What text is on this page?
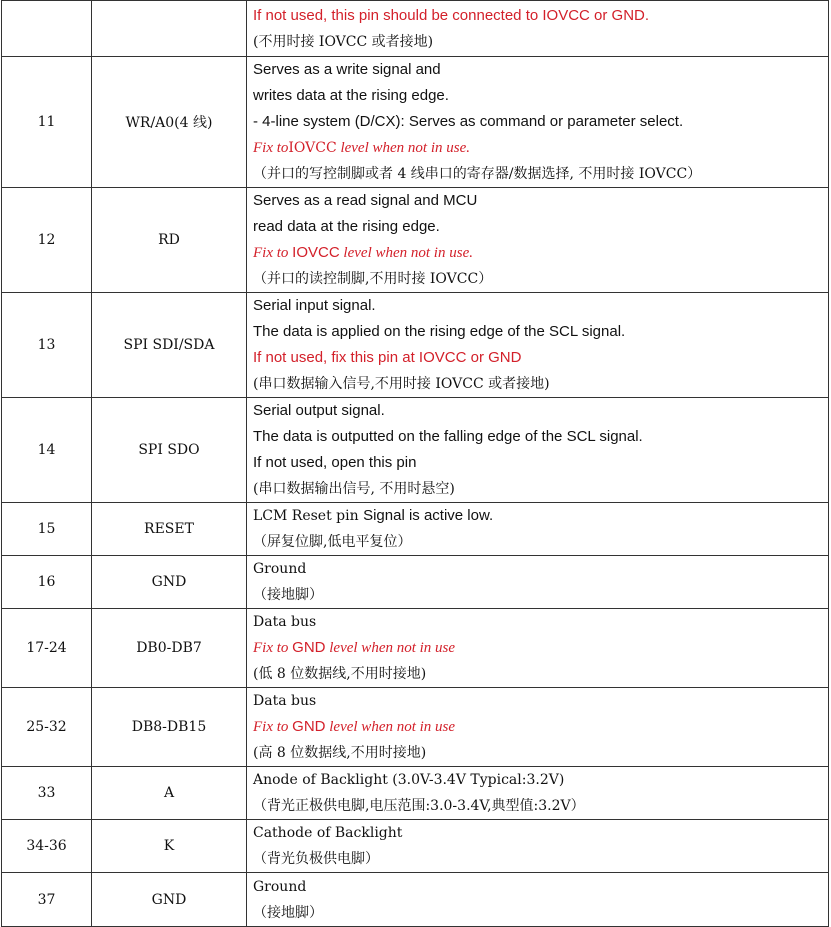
		If not used, this pin should be connected to IOVCC or GND.
(不用时接 IOVCC 或者接地)

11	WR/A0(4 线)	Serves as a write signal and
writes data at the rising edge.
- 4-line system (D/CX): Serves as command or parameter select.
Fix toIOVCC level when not in use.
（并口的写控制脚或者 4 线串口的寄存器/数据选择, 不用时接 IOVCC）

12	RD	Serves as a read signal and MCU
read data at the rising edge.
Fix to IOVCC level when not in use.
（并口的读控制脚,不用时接 IOVCC）

13	SPI SDI/SDA	Serial input signal.
The data is applied on the rising edge of the SCL signal.
If not used, fix this pin at IOVCC or GND
(串口数据输入信号,不用时接 IOVCC 或者接地)

14	SPI SDO	Serial output signal.
The data is outputted on the falling edge of the SCL signal.
If not used, open this pin
(串口数据输出信号, 不用时悬空)

15	RESET	LCM Reset pin Signal is active low.
（屏复位脚,低电平复位）

16	GND	Ground
（接地脚）

17-24	DB0-DB7	Data bus
Fix to GND level when not in use
(低 8 位数据线,不用时接地)

25-32	DB8-DB15	Data bus
Fix to GND level when not in use
(高 8 位数据线,不用时接地)

33	A	Anode of Backlight (3.0V-3.4V Typical:3.2V)
（背光正极供电脚,电压范围:3.0-3.4V,典型值:3.2V）

34-36	K	Cathode of Backlight
（背光负极供电脚）

37	GND	Ground
（接地脚）
